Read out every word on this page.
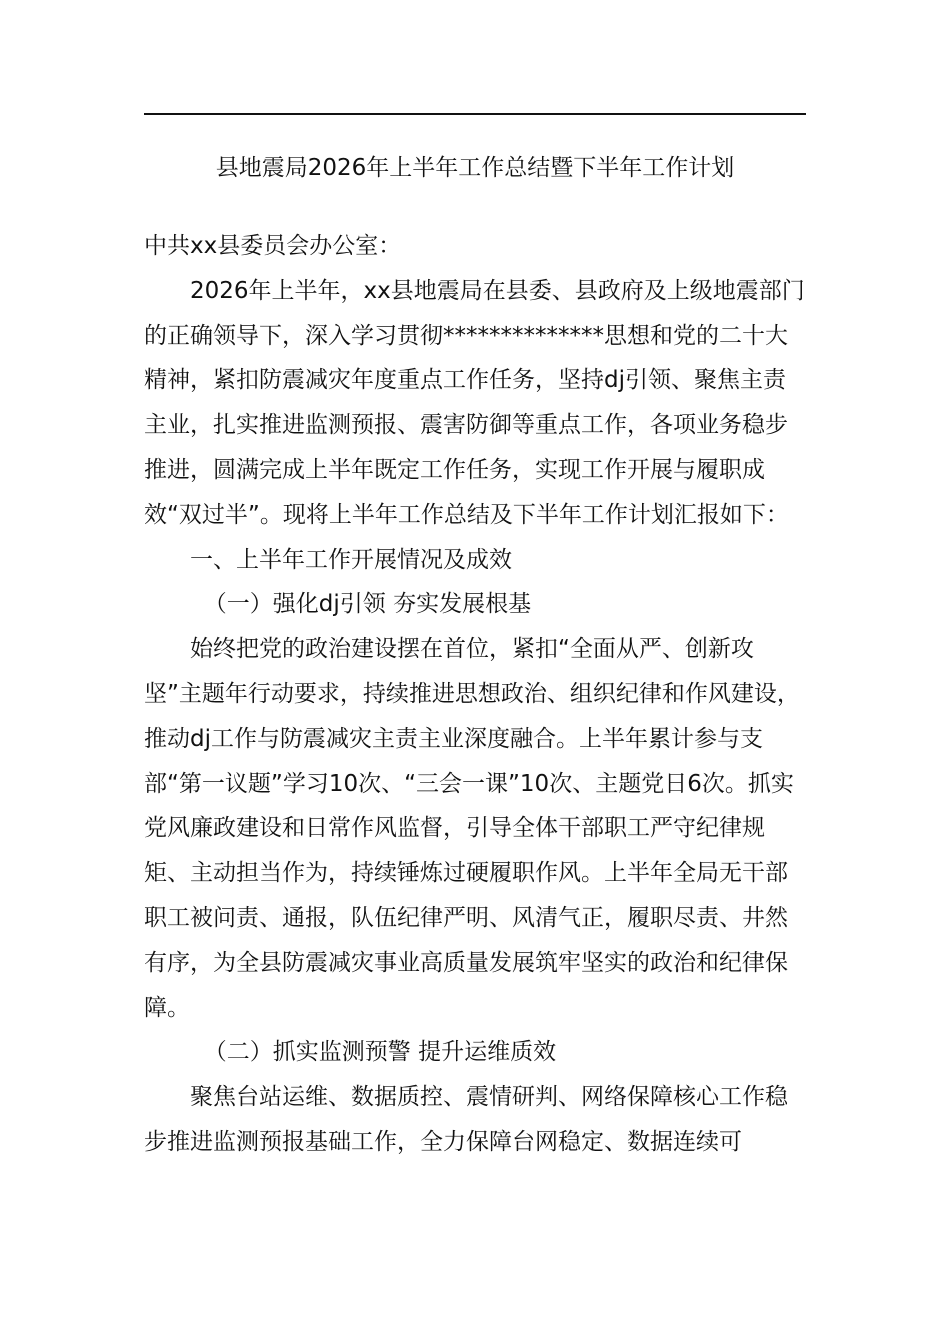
县地震局2026年上半年工作总结暨下半年工作计划

中共xx县委员会办公室：

2026年上半年，xx县地震局在县委、县政府及上级地震部门的正确领导下，深入学习贯彻**************思想和党的二十大精神，紧扣防震减灾年度重点工作任务，坚持dj引领、聚焦主责主业，扎实推进监测预报、震害防御等重点工作，各项业务稳步推进，圆满完成上半年既定工作任务，实现工作开展与履职成效“双过半”。现将上半年工作总结及下半年工作计划汇报如下：

一、上半年工作开展情况及成效

（一）强化dj引领 夯实发展根基

始终把党的政治建设摆在首位，紧扣“全面从严、创新攻坚”主题年行动要求，持续推进思想政治、组织纪律和作风建设，推动dj工作与防震减灾主责主业深度融合。上半年累计参与支部“第一议题”学习10次、“三会一课”10次、主题党日6次。抓实党风廉政建设和日常作风监督，引导全体干部职工严守纪律规矩、主动担当作为，持续锤炼过硬履职作风。上半年全局无干部职工被问责、通报，队伍纪律严明、风清气正，履职尽责、井然有序，为全县防震减灾事业高质量发展筑牢坚实的政治和纪律保障。

（二）抓实监测预警 提升运维质效

聚焦台站运维、数据质控、震情研判、网络保障核心工作稳步推进监测预报基础工作，全力保障台网稳定、数据连续可
